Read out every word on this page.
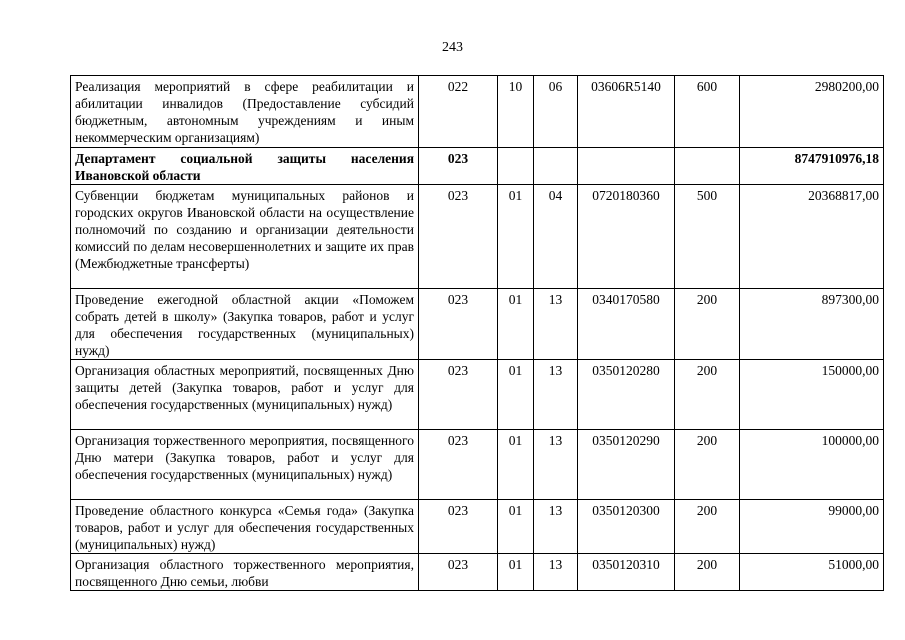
243
Реализация мероприятий в сфере реабилитации и абилитации инвалидов (Предоставление субсидий бюджетным, автономным учреждениям и иным некоммерческим организациям)	022	10	06	03606R5140	600	2980200,00
Департамент социальной защиты населения Ивановской области	023					8747910976,18
Субвенции бюджетам муниципальных районов и городских округов Ивановской области на осуществление полномочий по созданию и организации деятельности комиссий по делам несовершеннолетних и защите их прав (Межбюджетные трансферты)	023	01	04	0720180360	500	20368817,00
Проведение ежегодной областной акции «Поможем собрать детей в школу» (Закупка товаров, работ и услуг для обеспечения государственных (муниципальных) нужд)	023	01	13	0340170580	200	897300,00
Организация областных мероприятий, посвященных Дню защиты детей (Закупка товаров, работ и услуг для обеспечения государственных (муниципальных) нужд)	023	01	13	0350120280	200	150000,00
Организация торжественного мероприятия, посвященного Дню матери (Закупка товаров, работ и услуг для обеспечения государственных (муниципальных) нужд)	023	01	13	0350120290	200	100000,00
Проведение областного конкурса «Семья года» (Закупка товаров, работ и услуг для обеспечения государственных (муниципальных) нужд)	023	01	13	0350120300	200	99000,00
Организация областного торжественного мероприятия, посвященного Дню семьи, любви	023	01	13	0350120310	200	51000,00
